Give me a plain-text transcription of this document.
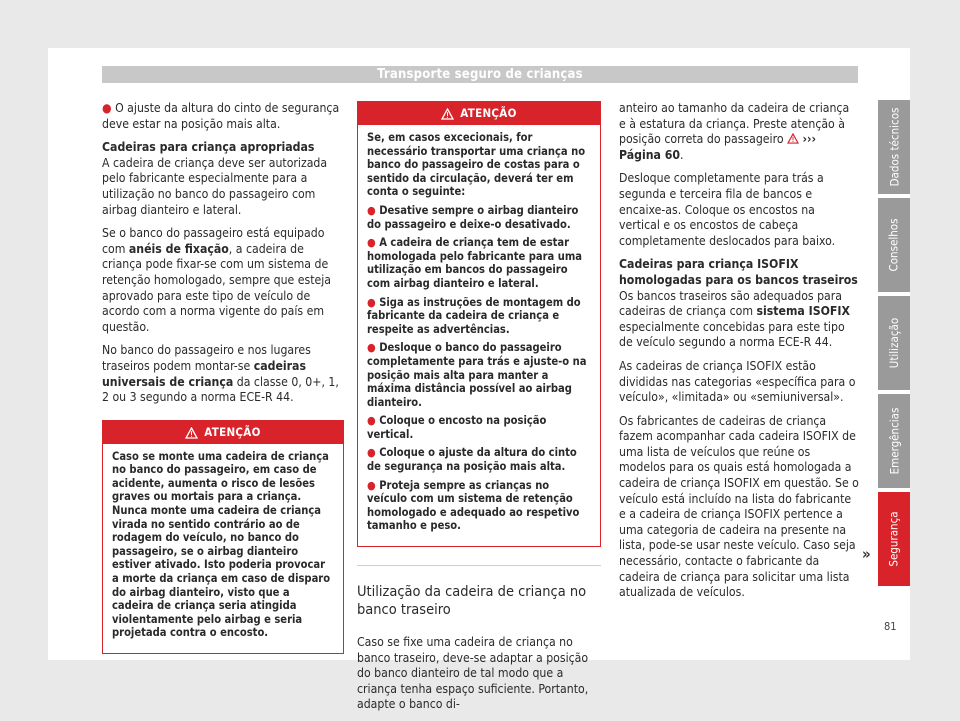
Transporte seguro de crianças

● O ajuste da altura do cinto de segurança deve estar na posição mais alta.

Cadeiras para criança apropriadas

A cadeira de criança deve ser autorizada pelo fabricante especialmente para a utilização no banco do passageiro com airbag dianteiro e lateral.

Se o banco do passageiro está equipado com anéis de fixação, a cadeira de criança pode fixar-se com um sistema de retenção homologado, sempre que esteja aprovado para este tipo de veículo de acordo com a norma vigente do país em questão.

No banco do passageiro e nos lugares traseiros podem montar-se cadeiras universais de criança da classe 0, 0+, 1, 2 ou 3 segundo a norma ECE-R 44.

ATENÇÃO

Caso se monte uma cadeira de criança no banco do passageiro, em caso de acidente, aumenta o risco de lesões graves ou mortais para a criança. Nunca monte uma cadeira de criança virada no sentido contrário ao de rodagem do veículo, no banco do passageiro, se o airbag dianteiro estiver ativado. Isto poderia provocar a morte da criança em caso de disparo do airbag dianteiro, visto que a cadeira de criança seria atingida violentamente pelo airbag e seria projetada contra o encosto.

ATENÇÃO

Se, em casos excecionais, for necessário transportar uma criança no banco do passageiro de costas para o sentido da circulação, deverá ter em conta o seguinte:

● Desative sempre o airbag dianteiro do passageiro e deixe-o desativado.

● A cadeira de criança tem de estar homologada pelo fabricante para uma utilização em bancos do passageiro com airbag dianteiro e lateral.

● Siga as instruções de montagem do fabricante da cadeira de criança e respeite as advertências.

● Desloque o banco do passageiro completamente para trás e ajuste-o na posição mais alta para manter a máxima distância possível ao airbag dianteiro.

● Coloque o encosto na posição vertical.

● Coloque o ajuste da altura do cinto de segurança na posição mais alta.

● Proteja sempre as crianças no veículo com um sistema de retenção homologado e adequado ao respetivo tamanho e peso.

Utilização da cadeira de criança no banco traseiro

Caso se fixe uma cadeira de criança no banco traseiro, deve-se adaptar a posição do banco dianteiro de tal modo que a criança tenha espaço suficiente. Portanto, adapte o banco di-

anteiro ao tamanho da cadeira de criança e à estatura da criança. Preste atenção à posição correta do passageiro  ››› Página 60.

Desloque completamente para trás a segunda e terceira fila de bancos e encaixe-as. Coloque os encostos na vertical e os encostos de cabeça completamente deslocados para baixo.

Cadeiras para criança ISOFIX homologadas para os bancos traseiros

Os bancos traseiros são adequados para cadeiras de criança com sistema ISOFIX especialmente concebidas para este tipo de veículo segundo a norma ECE-R 44.

As cadeiras de criança ISOFIX estão divididas nas categorias «específica para o veículo», «limitada» ou «semiuniversal».

Os fabricantes de cadeiras de criança fazem acompanhar cada cadeira ISOFIX de uma lista de veículos que reúne os modelos para os quais está homologada a cadeira de criança ISOFIX em questão. Se o veículo está incluído na lista do fabricante e a cadeira de criança ISOFIX pertence a uma categoria de cadeira na presente na lista, pode-se usar neste veículo. Caso seja necessário, contacte o fabricante da cadeira de criança para solicitar uma lista atualizada de veículos.

»
Dados técnicos
Conselhos
Utilização
Emergências
Segurança
81
